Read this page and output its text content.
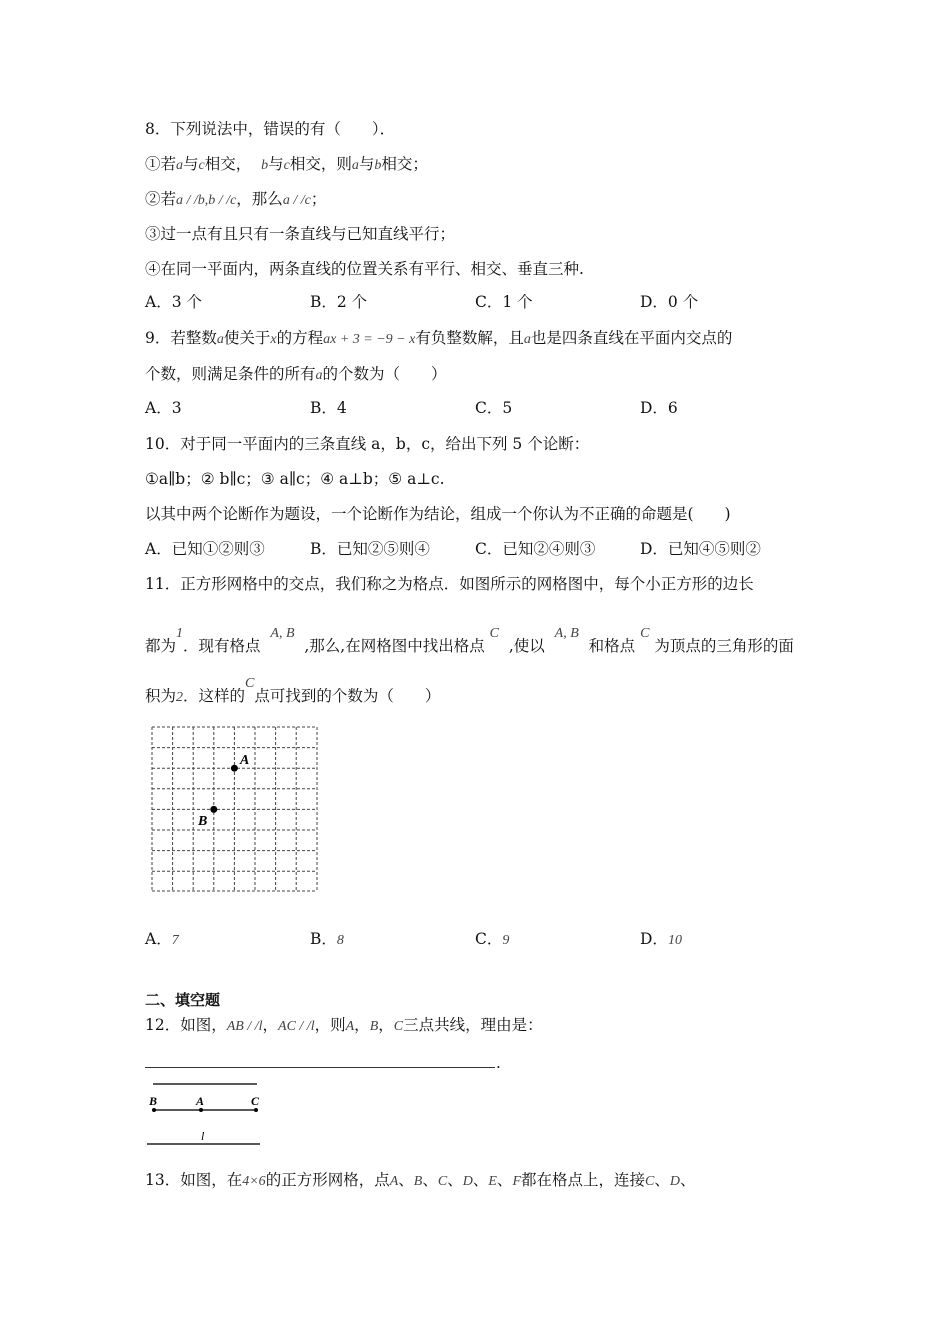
8．下列说法中，错误的有（　　）．
①若a与c相交， b与c相交，则a与b相交；
②若a / /b,b / /c，那么a / /c；
③过一点有且只有一条直线与已知直线平行；
④在同一平面内，两条直线的位置关系有平行、相交、垂直三种.
A．3 个	B．2 个	C．1 个	D．0 个
9．若整数a使关于x的方程ax + 3 = −9 − x有负整数解，且a也是四条直线在平面内交点的
个数，则满足条件的所有a的个数为（　　）
A．3	B．4	C．5	D．6
10．对于同一平面内的三条直线 a，b，c，给出下列 5 个论断：
①a∥b；② b∥c；③ a∥c；④ a⊥b；⑤ a⊥c.
以其中两个论断作为题设，一个论断作为结论，组成一个你认为不正确的命题是(　　)
A．已知①②则③	B．已知②⑤则④	C．已知②④则③	D．已知④⑤则②
11．正方形网格中的交点，我们称之为格点．如图所示的网格图中，每个小正方形的边长
都为1．现有格点  A, B  ,那么,在网格图中找出格点 C  ,使以  A, B  和格点 C 为顶点的三角形的面
积为2．这样的C点可找到的个数为（　　）
A
B
A．7	B．8	C．9	D．10
二、填空题
12．如图，AB / /l，AC / /l，则A，B，C三点共线，理由是：
.
B	A	C
l
13．如图，在4×6的正方形网格，点A、B、C、D、E、F都在格点上，连接C、D、
